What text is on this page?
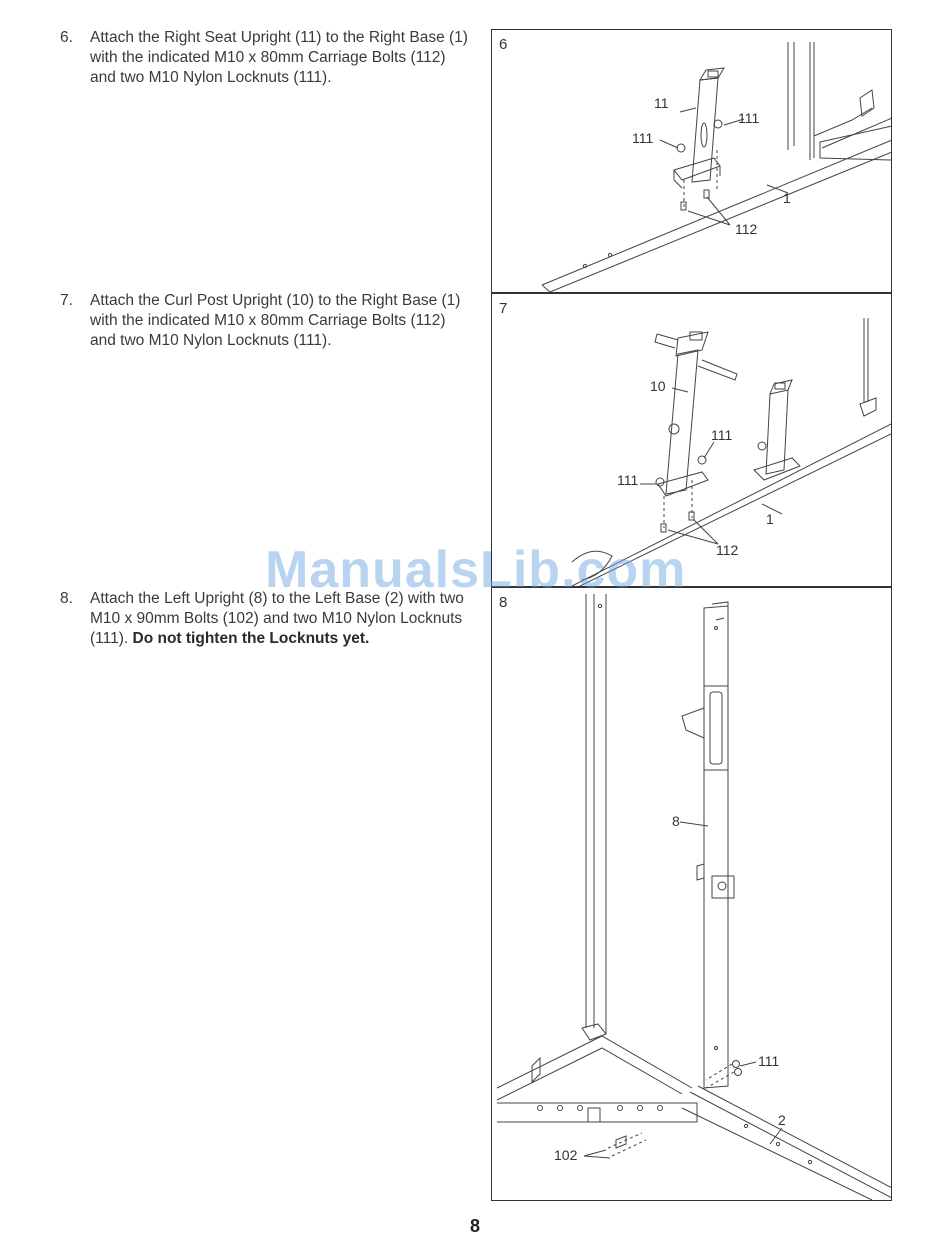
6. Attach the Right Seat Upright (11) to the Right Base (1) with the indicated M10 x 80mm Carriage Bolts (112) and two M10 Nylon Locknuts (111).
7. Attach the Curl Post Upright (10) to the Right Base (1) with the indicated M10 x 80mm Carriage Bolts (112) and two M10 Nylon Locknuts (111).
8. Attach the Left Upright (8) to the Left Base (2) with two M10 x 90mm Bolts (102) and two M10 Nylon Locknuts (111). Do not tighten the Locknuts yet.
6
11
111
111
1
112
7
10
111
111
1
112
8
8
111
2
102
ManualsLib.com
8
